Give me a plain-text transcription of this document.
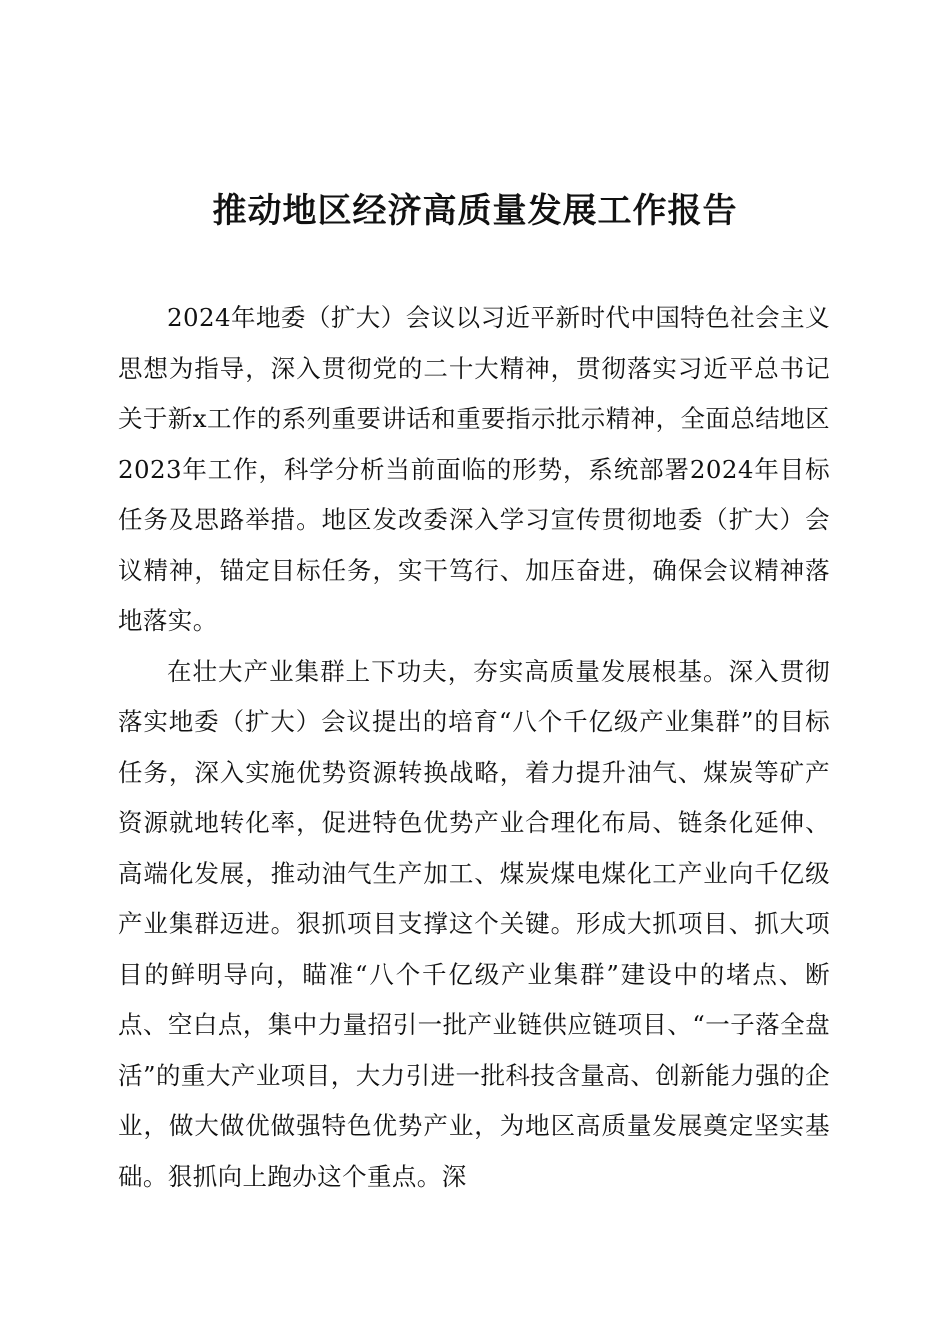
推动地区经济高质量发展工作报告

2024年地委（扩大）会议以习近平新时代中国特色社会主义思想为指导，深入贯彻党的二十大精神，贯彻落实习近平总书记关于新x工作的系列重要讲话和重要指示批示精神，全面总结地区2023年工作，科学分析当前面临的形势，系统部署2024年目标任务及思路举措。地区发改委深入学习宣传贯彻地委（扩大）会议精神，锚定目标任务，实干笃行、加压奋进，确保会议精神落地落实。

在壮大产业集群上下功夫，夯实高质量发展根基。深入贯彻落实地委（扩大）会议提出的培育“八个千亿级产业集群”的目标任务，深入实施优势资源转换战略，着力提升油气、煤炭等矿产资源就地转化率，促进特色优势产业合理化布局、链条化延伸、高端化发展，推动油气生产加工、煤炭煤电煤化工产业向千亿级产业集群迈进。狠抓项目支撑这个关键。形成大抓项目、抓大项目的鲜明导向，瞄准“八个千亿级产业集群”建设中的堵点、断点、空白点，集中力量招引一批产业链供应链项目、“一子落全盘活”的重大产业项目，大力引进一批科技含量高、创新能力强的企业，做大做优做强特色优势产业，为地区高质量发展奠定坚实基础。狠抓向上跑办这个重点。深
